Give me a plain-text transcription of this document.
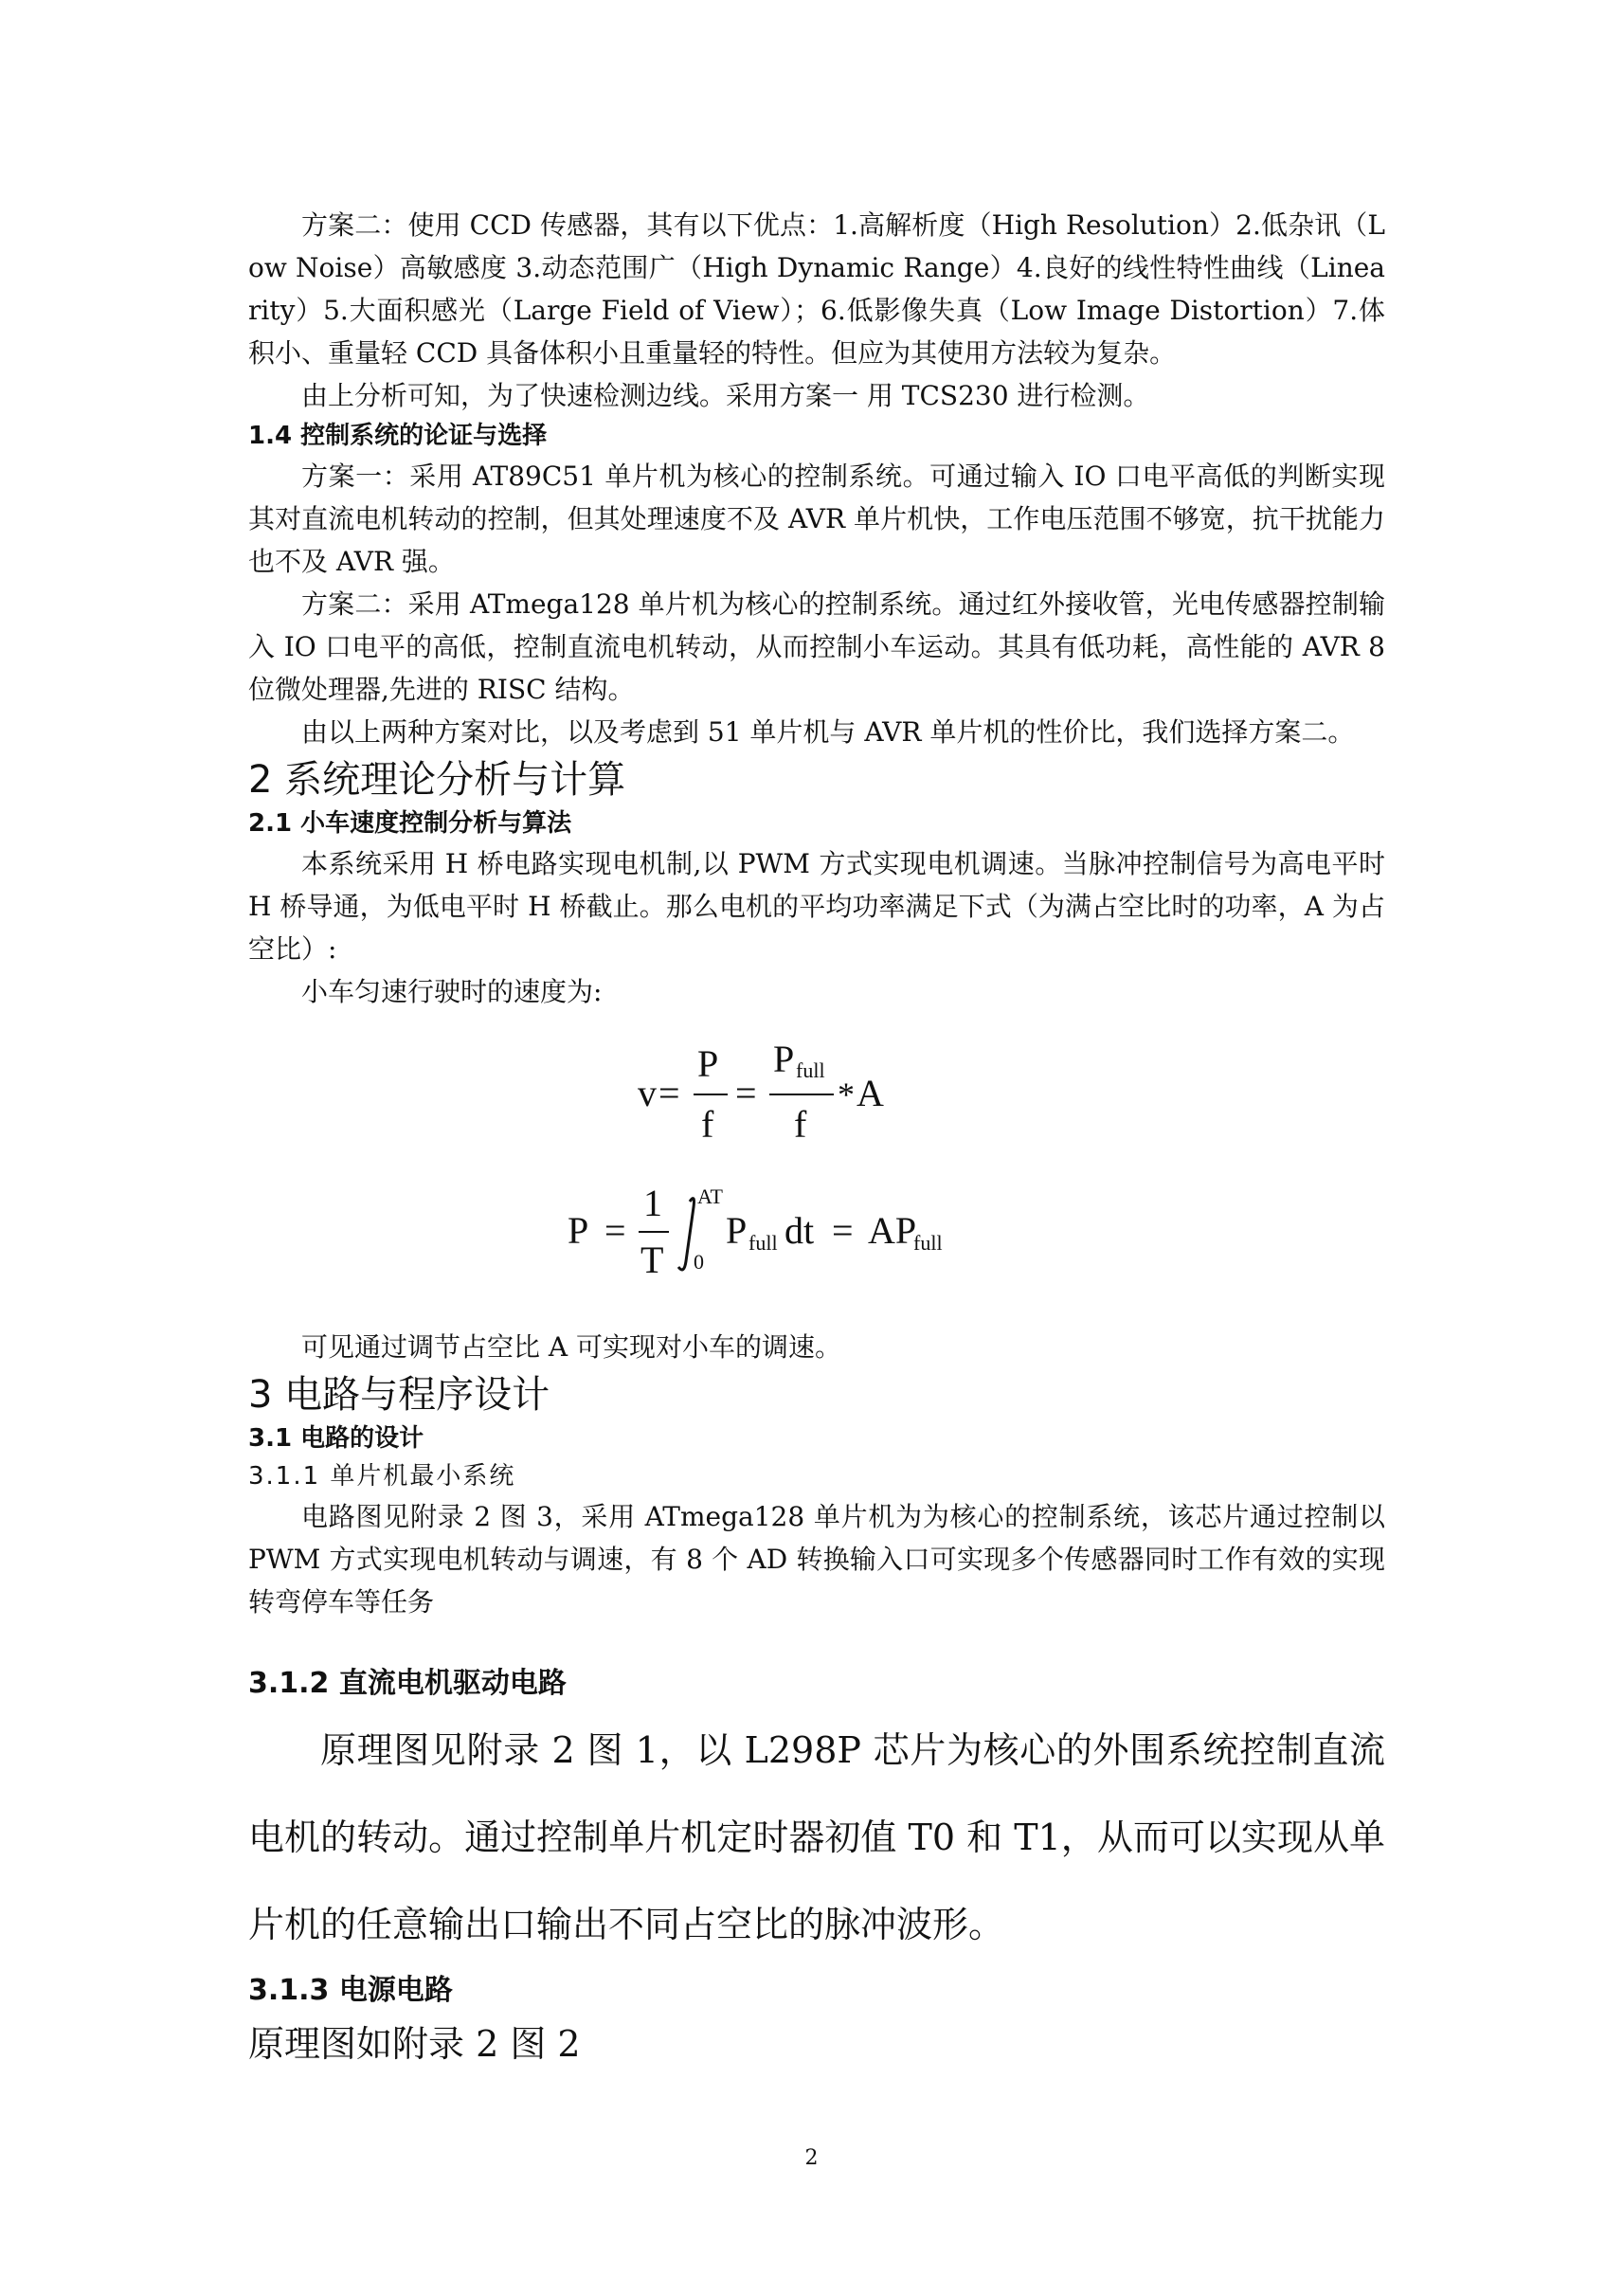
方案二：使用 CCD 传感器，其有以下优点：1.高解析度（High Resolution）2.低杂讯（Low Noise）高敏感度 3.动态范围广（High Dynamic Range）4.良好的线性特性曲线（Linearity）5.大面积感光（Large Field of View）；6.低影像失真（Low Image Distortion）7.体积小、重量轻 CCD 具备体积小且重量轻的特性。但应为其使用方法较为复杂。

由上分析可知，为了快速检测边线。采用方案一 用 TCS230 进行检测。

1.4 控制系统的论证与选择

方案一：采用 AT89C51 单片机为核心的控制系统。可通过输入 IO 口电平高低的判断实现其对直流电机转动的控制，但其处理速度不及 AVR 单片机快，工作电压范围不够宽，抗干扰能力也不及 AVR 强。

方案二：采用 ATmega128 单片机为核心的控制系统。通过红外接收管，光电传感器控制输入 IO 口电平的高低，控制直流电机转动，从而控制小车运动。其具有低功耗，高性能的 AVR 8 位微处理器,先进的 RISC 结构。

由以上两种方案对比，以及考虑到 51 单片机与 AVR 单片机的性价比，我们选择方案二。

2 系统理论分析与计算
2.1 小车速度控制分析与算法

本系统采用 H 桥电路实现电机制,以 PWM 方式实现电机调速。当脉冲控制信号为高电平时 H 桥导通，为低电平时 H 桥截止。那么电机的平均功率满足下式（为满占空比时的功率，A 为占空比）:

小车匀速行驶时的速度为:

v =
P
f
=
P full
f
* A
P =
1
T
AT
0
P full dt = AP
full

可见通过调节占空比 A 可实现对小车的调速。

3 电路与程序设计
3.1 电路的设计
3.1.1 单片机最小系统

电路图见附录 2 图 3，采用 ATmega128 单片机为为核心的控制系统，该芯片通过控制以 PWM 方式实现电机转动与调速，有 8 个 AD 转换输入口可实现多个传感器同时工作有效的实现转弯停车等任务

3.1.2 直流电机驱动电路

原理图见附录 2 图 1，以 L298P 芯片为核心的外围系统控制直流电机的转动。通过控制单片机定时器初值 T0 和 T1，从而可以实现从单片机的任意输出口输出不同占空比的脉冲波形。

3.1.3 电源电路

原理图如附录 2 图 2

2
